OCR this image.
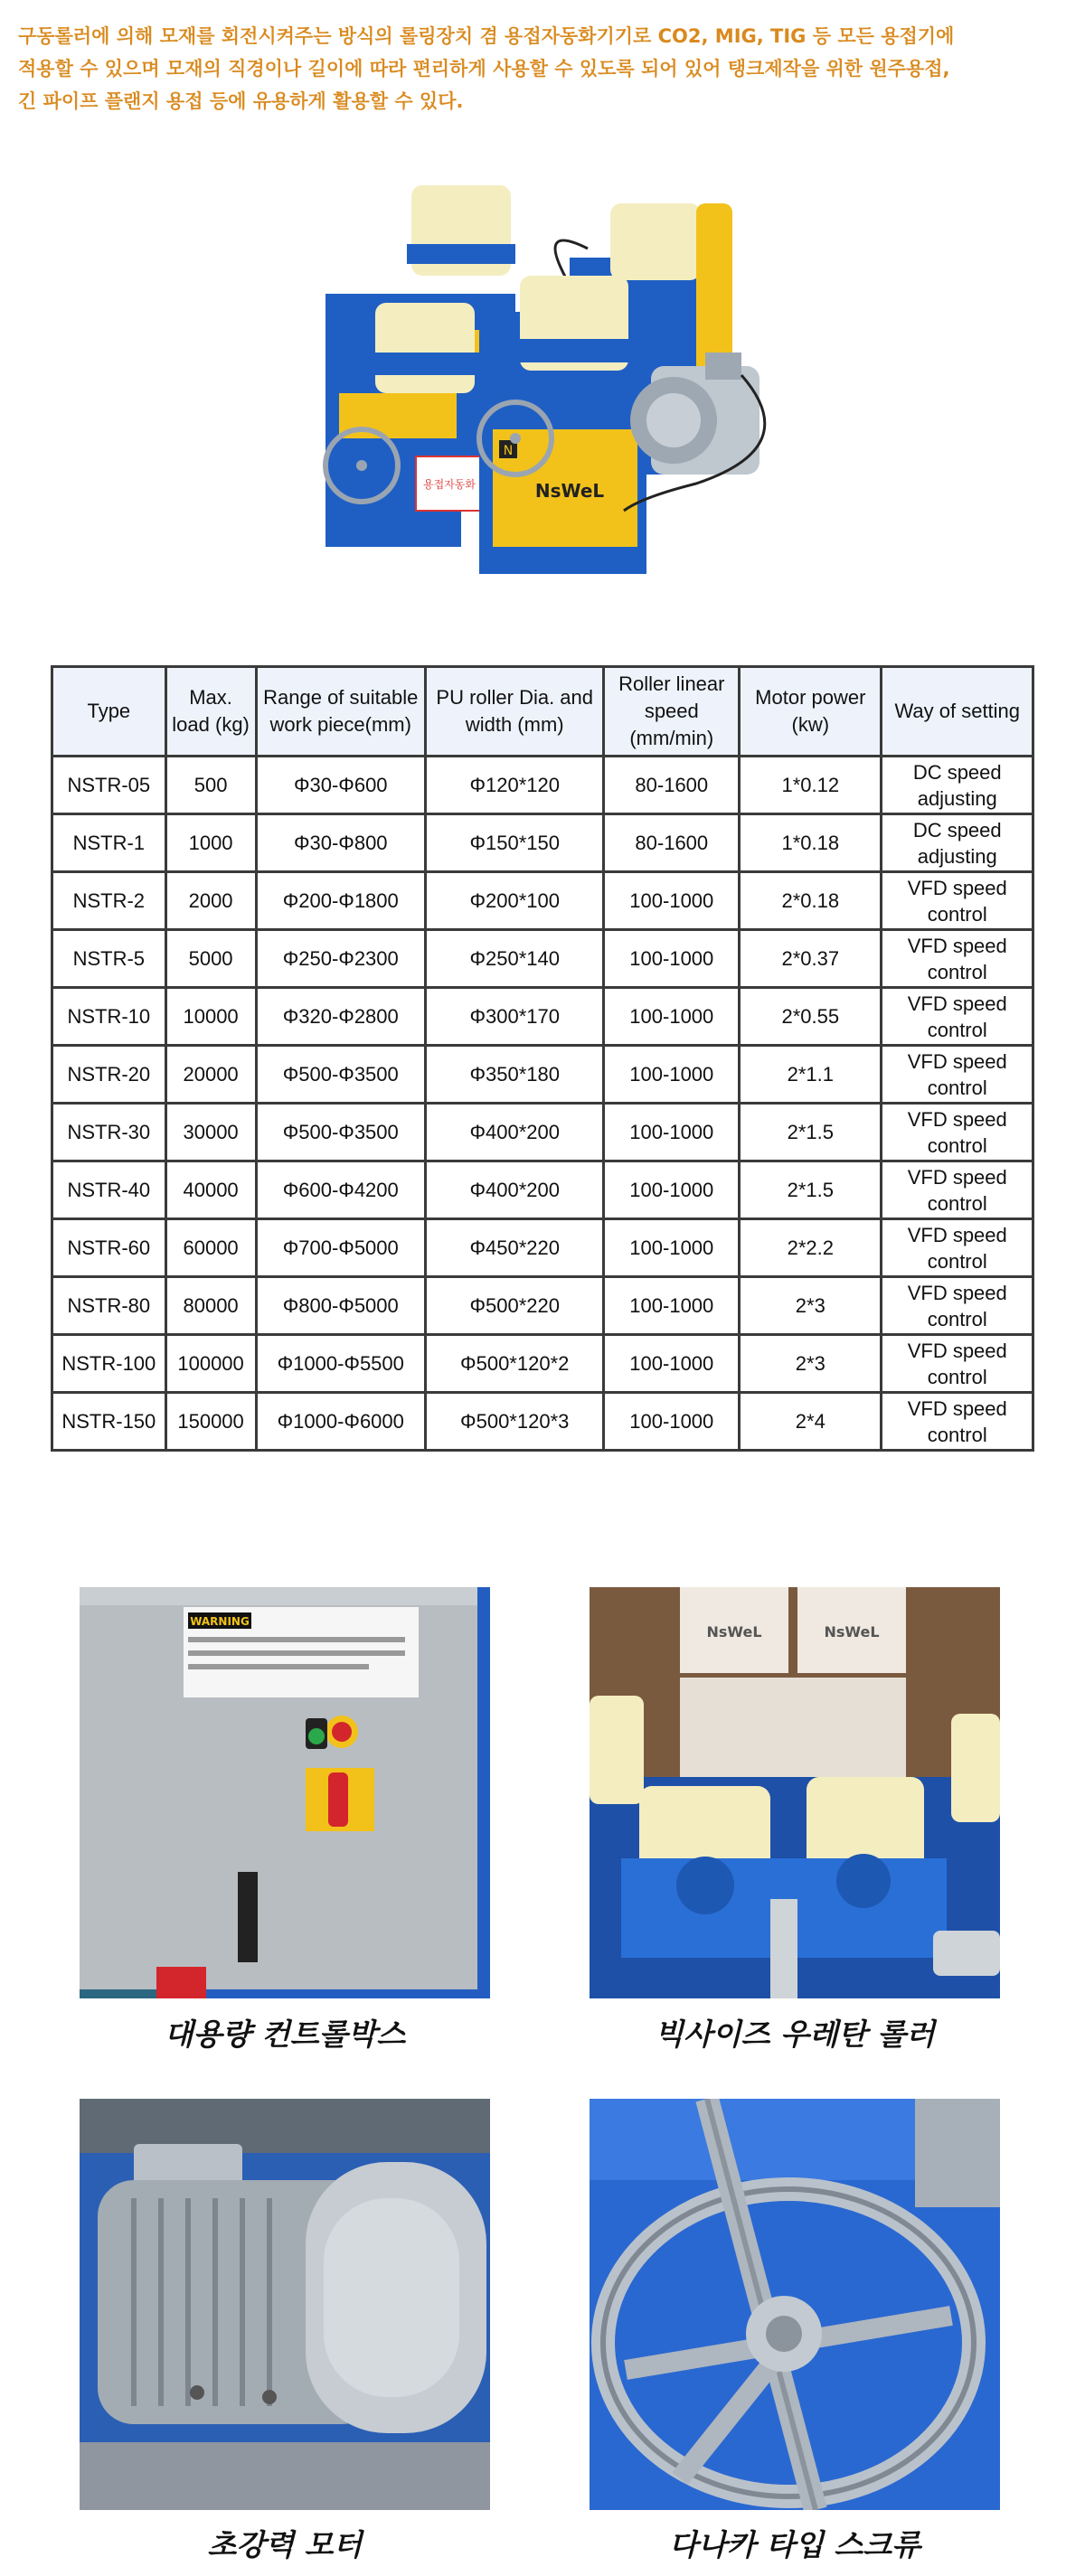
구동롤러에 의해 모재를 회전시켜주는 방식의 롤링장치 겸 용접자동화기기로 CO2, MIG, TIG 등 모든 용접기에

적용할 수 있으며 모재의 직경이나 길이에 따라 편리하게 사용할 수 있도록 되어 있어 탱크제작을 위한 원주용접,

긴 파이프 플랜지 용접 등에 유용하게 활용할 수 있다.

용접자동화
N
NsWeL
Type	Max. load (kg)	Range of suitable work piece(mm)	PU roller Dia. and width (mm)	Roller linear speed (mm/min)	Motor power (kw)	Way of setting
NSTR-05	500	Φ30-Φ600	Φ120*120	80-1600	1*0.12	DC speed adjusting
NSTR-1	1000	Φ30-Φ800	Φ150*150	80-1600	1*0.18	DC speed adjusting
NSTR-2	2000	Φ200-Φ1800	Φ200*100	100-1000	2*0.18	VFD speed control
NSTR-5	5000	Φ250-Φ2300	Φ250*140	100-1000	2*0.37	VFD speed control
NSTR-10	10000	Φ320-Φ2800	Φ300*170	100-1000	2*0.55	VFD speed control
NSTR-20	20000	Φ500-Φ3500	Φ350*180	100-1000	2*1.1	VFD speed control
NSTR-30	30000	Φ500-Φ3500	Φ400*200	100-1000	2*1.5	VFD speed control
NSTR-40	40000	Φ600-Φ4200	Φ400*200	100-1000	2*1.5	VFD speed control
NSTR-60	60000	Φ700-Φ5000	Φ450*220	100-1000	2*2.2	VFD speed control
NSTR-80	80000	Φ800-Φ5000	Φ500*220	100-1000	2*3	VFD speed control
NSTR-100	100000	Φ1000-Φ5500	Φ500*120*2	100-1000	2*3	VFD speed control
NSTR-150	150000	Φ1000-Φ6000	Φ500*120*3	100-1000	2*4	VFD speed control
WARNING
대용량 컨트롤박스
NsWeL	NsWeL
빅사이즈 우레탄 롤러
초강력 모터	다나카 타입 스크류
